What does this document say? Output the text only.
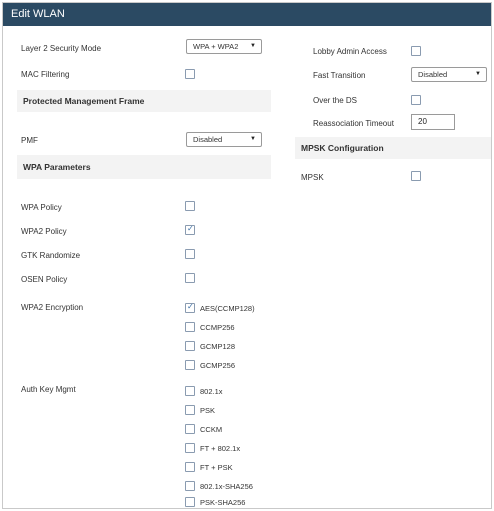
Edit WLAN
Layer 2 Security Mode	WPA + WPA2 ▼
MAC Filtering
Protected Management Frame
PMF	Disabled	▼
WPA Parameters
WPA Policy
WPA2 Policy
✓
GTK Randomize
OSEN Policy
WPA2 Encryption
✓	AES(CCMP128)
CCMP256
GCMP128
GCMP256
Auth Key Mgmt	802.1x
PSK
CCKM
FT + 802.1x
FT + PSK
802.1x-SHA256
PSK-SHA256
Lobby Admin Access
Fast Transition	Disabled	▼
Over the DS
Reassociation Timeout	20
MPSK Configuration
MPSK
